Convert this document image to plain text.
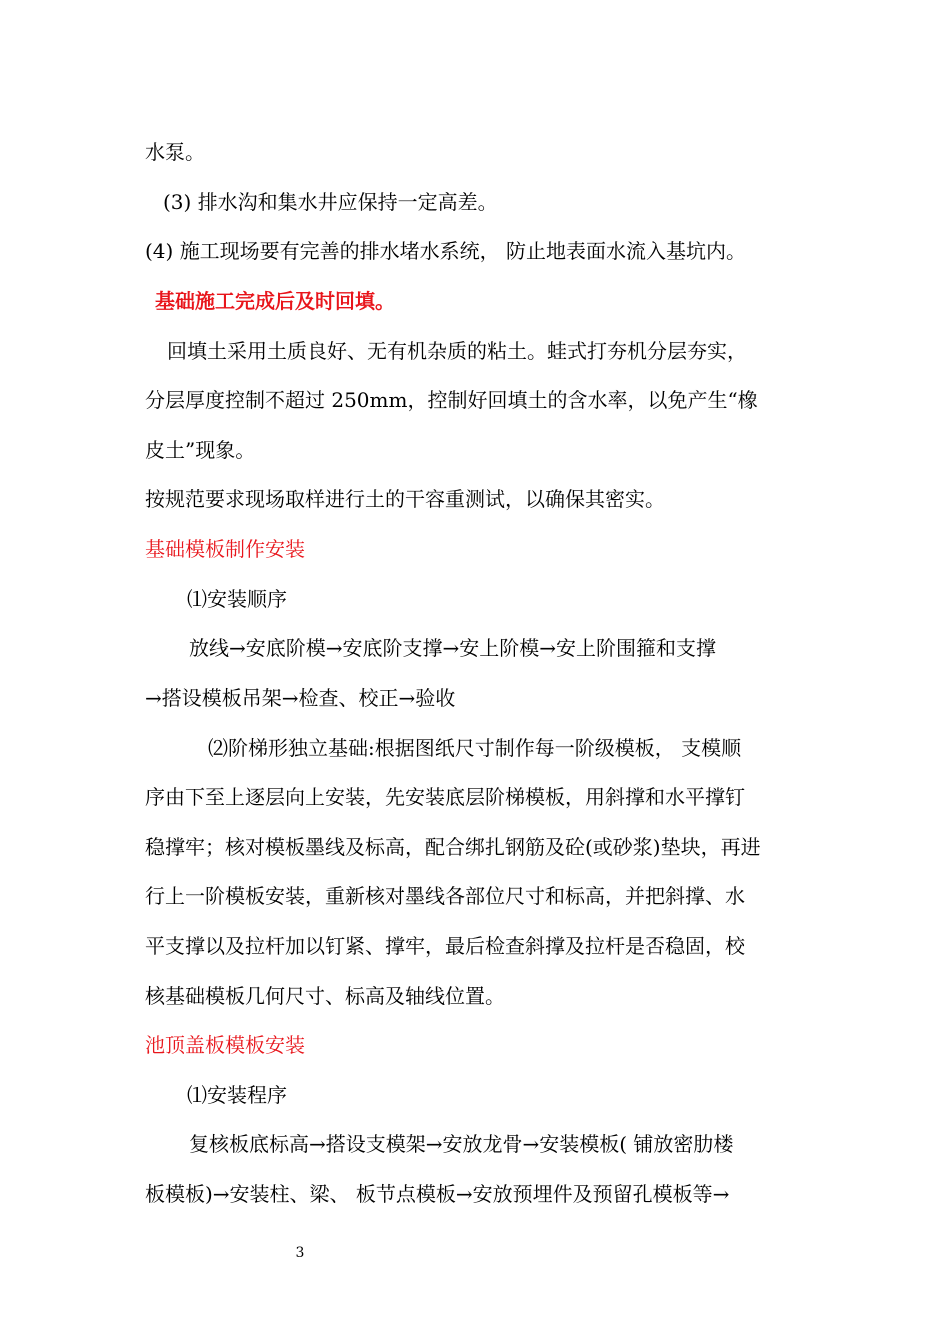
水泵。
(3) 排水沟和集水井应保持一定高差。
(4) 施工现场要有完善的排水堵水系统， 防止地表面水流入基坑内。
基础施工完成后及时回填。
回填土采用土质良好、无有机杂质的粘土。蛙式打夯机分层夯实，
分层厚度控制不超过 250mm，控制好回填土的含水率，以免产生“橡
皮土”现象。
按规范要求现场取样进行土的干容重测试，以确保其密实。
基础模板制作安装
⑴安装顺序
放线→安底阶模→安底阶支撑→安上阶模→安上阶围箍和支撑
→搭设模板吊架→检查、校正→验收
⑵阶梯形独立基础:根据图纸尺寸制作每一阶级模板， 支模顺
序由下至上逐层向上安装，先安装底层阶梯模板，用斜撑和水平撑钉
稳撑牢；核对模板墨线及标高，配合绑扎钢筋及砼(或砂浆)垫块，再进
行上一阶模板安装，重新核对墨线各部位尺寸和标高，并把斜撑、水
平支撑以及拉杆加以钉紧、撑牢，最后检查斜撑及拉杆是否稳固，校
核基础模板几何尺寸、标高及轴线位置。
池顶盖板模板安装
⑴安装程序
复核板底标高→搭设支模架→安放龙骨→安装模板( 铺放密肋楼
板模板)→安装柱、梁、 板节点模板→安放预埋件及预留孔模板等→
3
